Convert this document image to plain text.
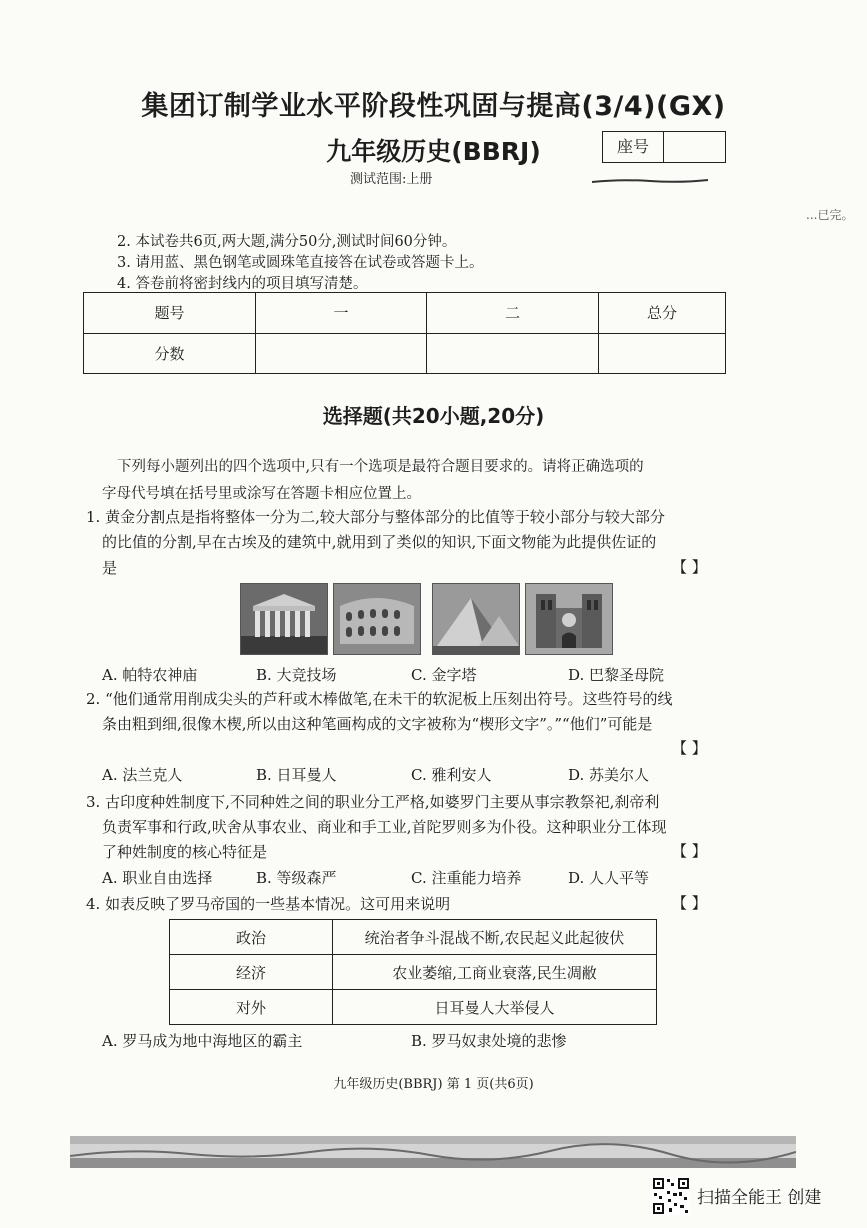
集团订制学业水平阶段性巩固与提高(3/4)(GX)
九年级历史(BBRJ)	座号
测试范围:上册
...已完。
2. 本试卷共6页,两大题,满分50分,测试时间60分钟。
3. 请用蓝、黑色钢笔或圆珠笔直接答在试卷或答题卡上。
4. 答卷前将密封线内的项目填写清楚。
题号	一	二	总分
分数			
选择题(共20小题,20分)
下列每小题列出的四个选项中,只有一个选项是最符合题目要求的。请将正确选项的
字母代号填在括号里或涂写在答题卡相应位置上。
1. 黄金分割点是指将整体一分为二,较大部分与整体部分的比值等于较小部分与较大部分
的比值的分割,早在古埃及的建筑中,就用到了类似的知识,下面文物能为此提供佐证的
是	【 】
A. 帕特农神庙	B. 大竞技场	C. 金字塔	D. 巴黎圣母院
2. “他们通常用削成尖头的芦秆或木棒做笔,在未干的软泥板上压刻出符号。这些符号的线
条由粗到细,很像木楔,所以由这种笔画构成的文字被称为“楔形文字”。”“他们”可能是
【 】
A. 法兰克人	B. 日耳曼人	C. 雅利安人	D. 苏美尔人
3. 古印度种姓制度下,不同种姓之间的职业分工严格,如婆罗门主要从事宗教祭祀,刹帝利
负责军事和行政,吠舍从事农业、商业和手工业,首陀罗则多为仆役。这种职业分工体现
了种姓制度的核心特征是	【 】
A. 职业自由选择	B. 等级森严	C. 注重能力培养	D. 人人平等
4. 如表反映了罗马帝国的一些基本情况。这可用来说明	【 】
政治	统治者争斗混战不断,农民起义此起彼伏
经济	农业萎缩,工商业衰落,民生凋敝
对外	日耳曼人大举侵人
A. 罗马成为地中海地区的霸主	B. 罗马奴隶处境的悲惨
九年级历史(BBRJ) 第 1 页(共6页)
扫描全能王 创建
